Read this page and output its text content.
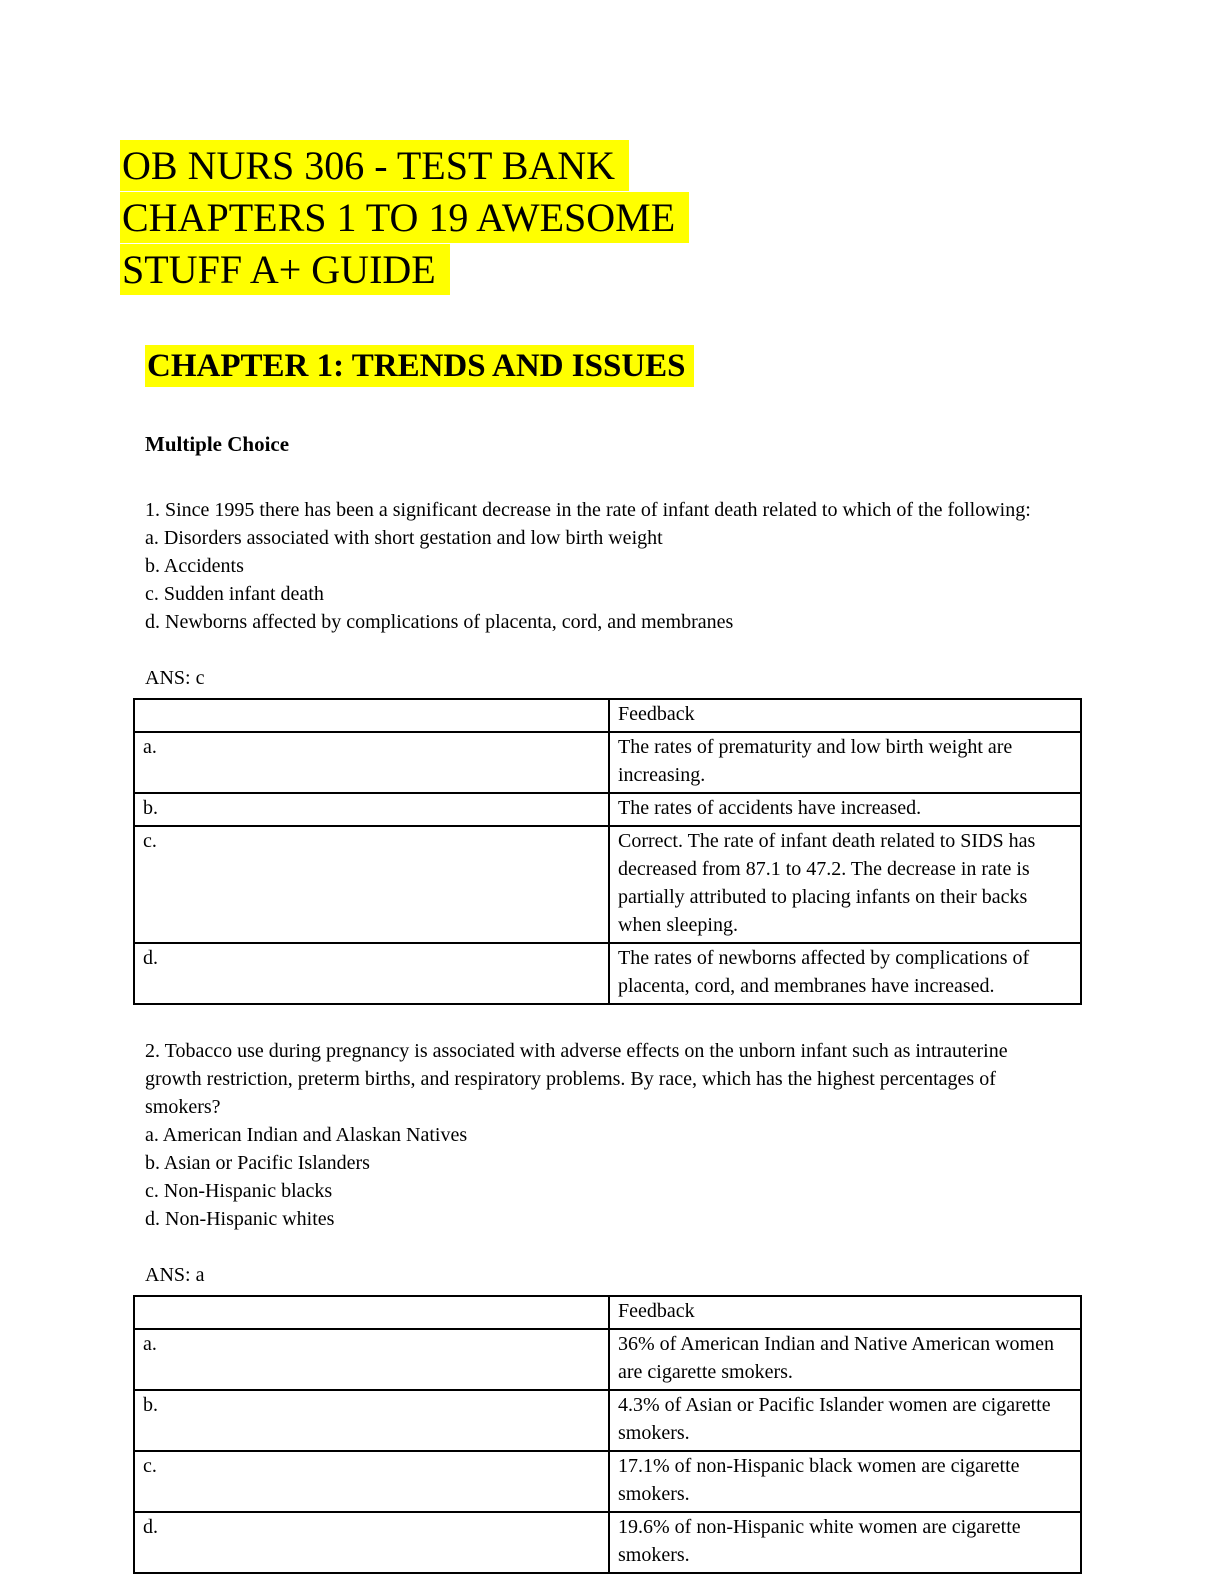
OB NURS 306 - TEST BANK
CHAPTERS 1 TO 19 AWESOME
STUFF A+ GUIDE
CHAPTER 1: TRENDS AND ISSUES
Multiple Choice
1. Since 1995 there has been a significant decrease in the rate of infant death related to which of the following:
a. Disorders associated with short gestation and low birth weight
b. Accidents
c. Sudden infant death
d. Newborns affected by complications of placenta, cord, and membranes
ANS: c
	Feedback
a.	The rates of prematurity and low birth weight are increasing.
b.	The rates of accidents have increased.
c.	Correct. The rate of infant death related to SIDS has decreased from 87.1 to 47.2. The decrease in rate is partially attributed to placing infants on their backs when sleeping.
d.	The rates of newborns affected by complications of placenta, cord, and membranes have increased.
2. Tobacco use during pregnancy is associated with adverse effects on the unborn infant such as intrauterine growth restriction, preterm births, and respiratory problems. By race, which has the highest percentages of smokers?
a. American Indian and Alaskan Natives
b. Asian or Pacific Islanders
c. Non-Hispanic blacks
d. Non-Hispanic whites
ANS: a
	Feedback
a.	36% of American Indian and Native American women are cigarette smokers.
b.	4.3% of Asian or Pacific Islander women are cigarette smokers.
c.	17.1% of non-Hispanic black women are cigarette smokers.
d.	19.6% of non-Hispanic white women are cigarette smokers.
